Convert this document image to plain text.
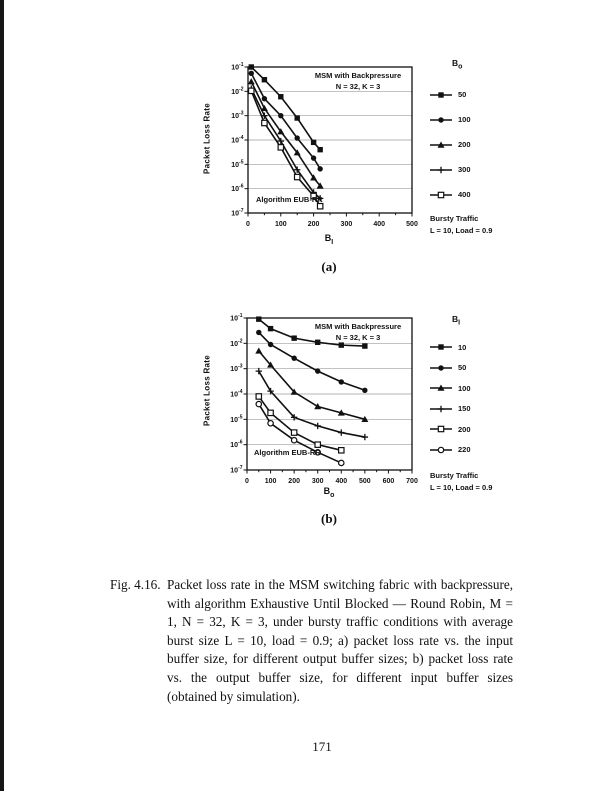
Packet Loss Rate
0	100	200	300	400	500
$10^{-1}$
$10^{-2}$
$10^{-3}$
$10^{-4}$
$10^{-5}$
$10^{-6}$
$10^{-7}$
MSM with Backpressure
N = 32, K = 3
Algorithm EUB-RR
$B_I$
$B_o$
50
100
200
300
400
Bursty Traffic
L = 10, Load = 0.9
(a)
Packet Loss Rate
0 100 200 300 400 500 600 700
$10^{-1}$
$10^{-2}$
$10^{-3}$
$10^{-4}$
$10^{-5}$
$10^{-6}$
$10^{-7}$
MSM with Backpressure
N = 32, K = 3
Algorithm EUB-RR
$B_o$
$B_I$
10
50
100
150
200
220
Bursty Traffic
L = 10, Load = 0.9
(b)
Fig. 4.16. Packet loss rate in the MSM switching fabric with backpressure, with algorithm Exhaustive Until Blocked — Round Robin, M = 1, N = 32, K = 3, under bursty traffic conditions with average burst size L = 10, load = 0.9; a) packet loss rate vs. the input buffer size, for different output buffer sizes; b) packet loss rate vs. the output buffer size, for different input buffer sizes (obtained by simulation).

171
